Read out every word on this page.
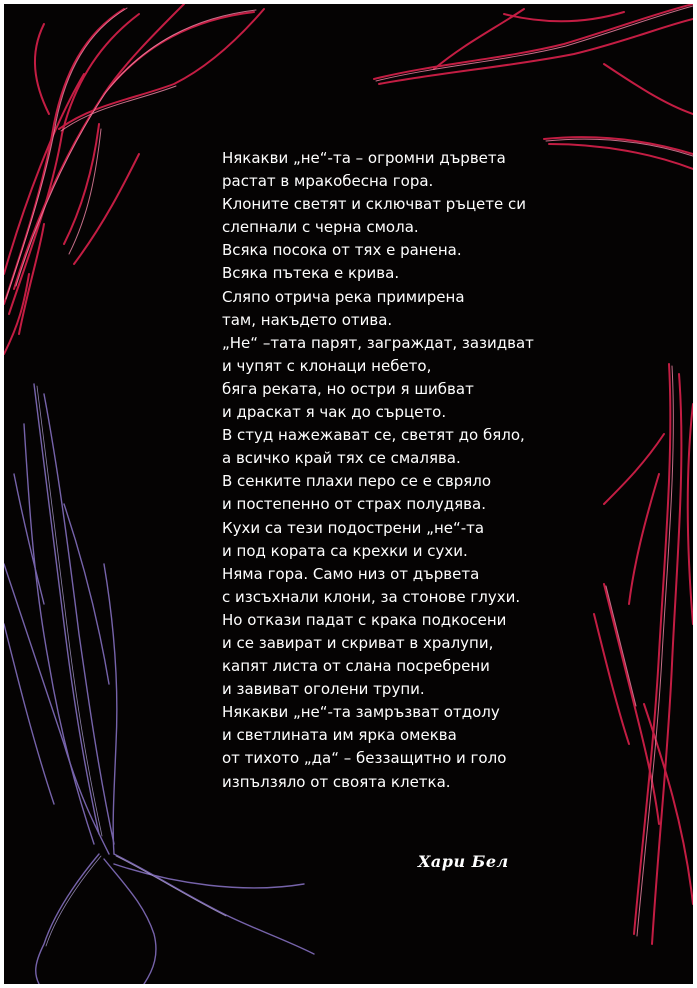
Някакви „не“-та – огромни дървета
растат в мракобесна гора.
Клоните светят и сключват ръцете си
слепнали с черна смола.
Всяка посока от тях е ранена.
Всяка пътека е крива.
Сляпо отрича река примирена
там, накъдето отива.
„Не“ –тата парят, заграждат, зазидват
и чупят с клонаци небето,
бяга реката, но остри я шибват
и драскат я чак до сърцето.
В студ нажежават се, светят до бяло,
а всичко край тях се смалява.
В сенките плахи перо се е свряло
и постепенно от страх полудява.
Кухи са тези подострени „не“-та
и под кората са крехки и сухи.
Няма гора. Само низ от дървета
с изсъхнали клони, за стонове глухи.
Но откази падат с крака подкосени
и се завират и скриват в хралупи,
капят листа от слана посребрени
и завиват оголени трупи.
Някакви „не“-та замръзват отдолу
и светлината им ярка омеква
от тихото „да“ – беззащитно и голо
изпълзяло от своята клетка.
Хари Бел
